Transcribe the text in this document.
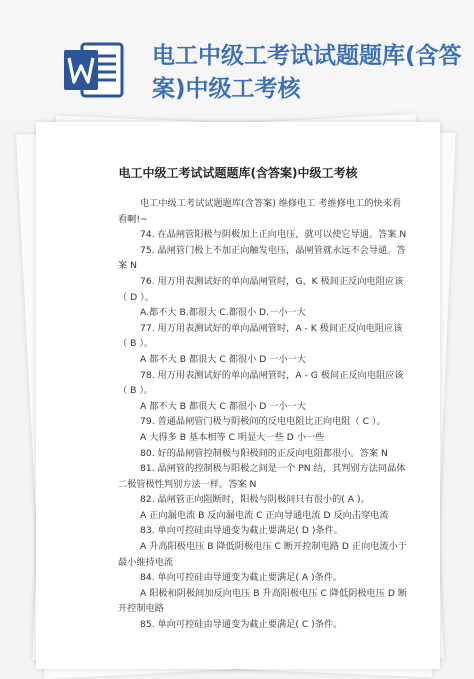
电工中级工考试试题题库(含答案)中级工考核
电工中级工考试试题题库(含答案)中级工考核
电工中级工考试试题题库(含答案) 维修电工 考维修电工的快来看
看啊!~
74. 在晶闸管阳极与阴极加上正向电压，就可以使它导通。答案 N
75. 晶闸管门极上不加正向触发电压，晶闸管就永远不会导通。答
案 N
76. 用万用表测试好的单向晶闸管时，G、K 极间正反向电阻应该
（ D ）。
A.都不大 B.都很大 C.都很小 D.一小一大
77. 用万用表测试好的单向晶闸管时，A - K 极间正反向电阻应该
（ B ）。
A 都不大 B 都很大 C 都很小 D 一小一大
78. 用万用表测试好的单向晶闸管时，A - G 极间正反向电阻应该
（ B ）。
A 都不大 B 都很大 C 都很小 D 一小一大
79. 普通晶闸管门极与阴极间的反电电阻比正向电阻（ C ）。
A 大得多 B 基本相等 C 明显大一些 D 小一些
80. 好的晶闸管控制极与阳极间的正反向电阻都很小。答案 N
81. 晶闸管的控制极与阳极之间是一个 PN 结，其判别方法同晶体
二极管极性判别方法一样。答案 N
82. 晶闸管正向阻断时，阳极与阴极间只有很小的( A )。
A 正向漏电流 B 反向漏电流 C 正向导通电流 D 反向击穿电流
83. 单向可控硅由导通变为截止要满足( D )条件。
A 升高阳极电压 B 降低阴极电压 C 断开控制电路 D 正向电流小于
最小维持电流
84. 单向可控硅由导通变为截止要满足( A )条件。
A 阳极和阴极间加反向电压 B 升高阳极电压 C 降低阴极电压 D 断
开控制电路
85. 单向可控硅由导通变为截止要满足( C )条件。
